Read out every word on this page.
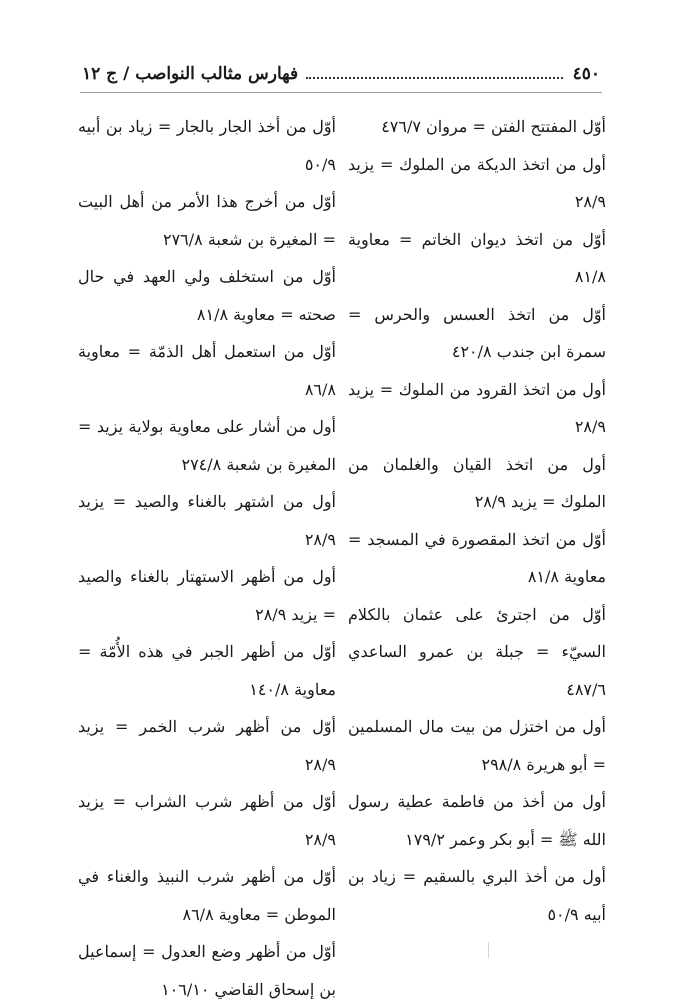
٤٥٠
فهارس مثالب النواصب / ج ١٢

أوّل المفتتح الفتن = مروان ٤٧٦/٧

أول من اتخذ الديكة من الملوك = يزيد ٢٨/٩

أوّل من اتخذ ديوان الخاتم = معاوية ٨١/٨

أوّل من اتخذ العسس والحرس = سمرة ابن جندب ٤٢٠/٨

أول من اتخذ القرود من الملوك = يزيد ٢٨/٩

أول من اتخذ القيان والغلمان من الملوك = يزيد ٢٨/٩

أوّل من اتخذ المقصورة في المسجد = معاوية ٨١/٨

أوّل من اجترئ على عثمان بالكلام السيّء = جبلة بن عمرو الساعدي ٤٨٧/٦

أول من اختزل من بيت مال المسلمين = أبو هريرة ٢٩٨/٨

أول من أخذ من فاطمة عطية رسول الله ﷺ = أبو بكر وعمر ١٧٩/٢

أول من أخذ البري بالسقيم = زياد بن أبيه ٥٠/٩

أوّل من أخذ الجار بالجار = زياد بن أبيه ٥٠/٩

أوّل من أخرج هذا الأمر من أهل البيت = المغيرة بن شعبة ٢٧٦/٨

أوّل من استخلف ولي العهد في حال صحته = معاوية ٨١/٨

أوّل من استعمل أهل الذمّة = معاوية ٨٦/٨

أول من أشار على معاوية بولاية يزيد = المغيرة بن شعبة ٢٧٤/٨

أول من اشتهر بالغناء والصيد = يزيد ٢٨/٩

أول من أظهر الاستهتار بالغناء والصيد = يزيد ٢٨/٩

أوّل من أظهر الجبر في هذه الأُمّة = معاوية ١٤٠/٨

أوّل من أظهر شرب الخمر = يزيد ٢٨/٩

أوّل من أظهر شرب الشراب = يزيد ٢٨/٩

أوّل من أظهر شرب النبيذ والغناء في الموطن = معاوية ٨٦/٨

أوّل من أظهر وضع العدول = إسماعيل بن إسحاق القاضي ١٠٦/١٠
